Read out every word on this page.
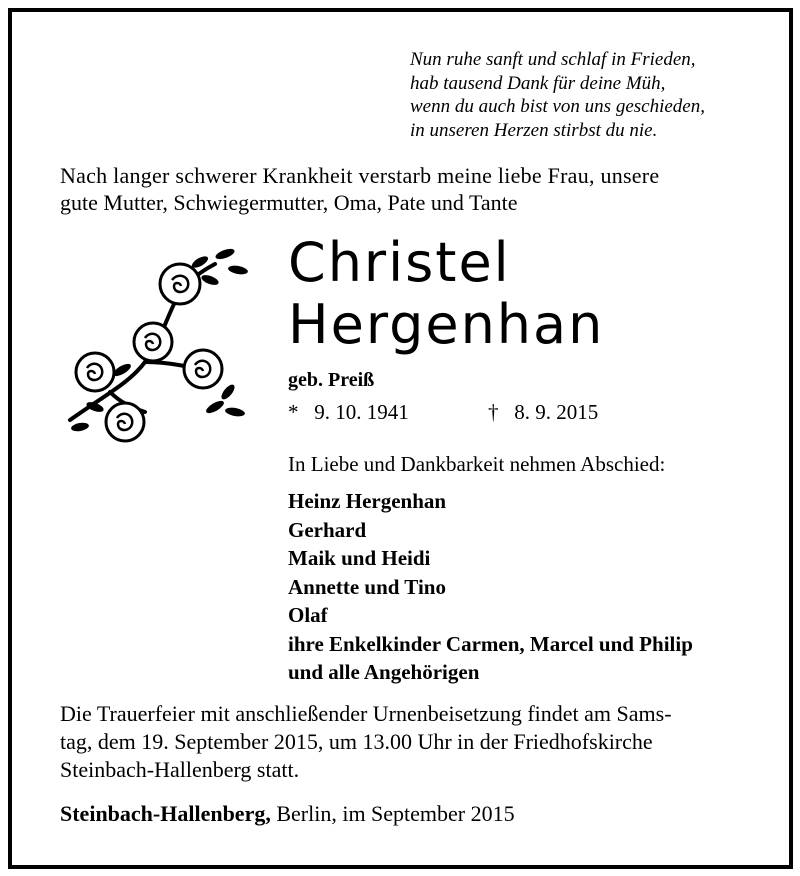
Nun ruhe sanft und schlaf in Frieden,
hab tausend Dank für deine Müh,
wenn du auch bist von uns geschieden,
in unseren Herzen stirbst du nie.
Nach langer schwerer Krankheit verstarb meine liebe Frau, unsere
gute Mutter, Schwiegermutter, Oma, Pate und Tante
Christel
Hergenhan
geb. Preiß
* 9. 10. 1941	† 8. 9. 2015
In Liebe und Dankbarkeit nehmen Abschied:
Heinz Hergenhan
Gerhard
Maik und Heidi
Annette und Tino
Olaf
ihre Enkelkinder Carmen, Marcel und Philip
und alle Angehörigen
Die Trauerfeier mit anschließender Urnenbeisetzung findet am Sams-
tag, dem 19. September 2015, um 13.00 Uhr in der Friedhofskirche
Steinbach-Hallenberg statt.
Steinbach-Hallenberg, Berlin, im September 2015
